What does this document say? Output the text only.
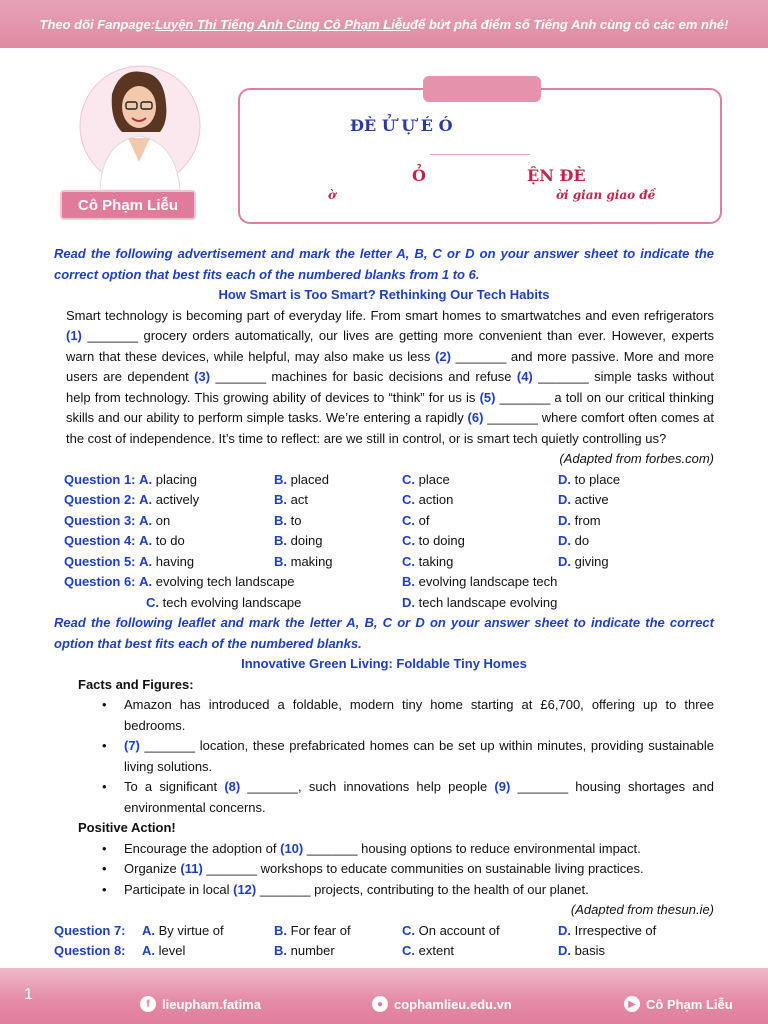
Theo dõi Fanpage: Luyện Thi Tiếng Anh Cùng Cô Phạm Liễu để bứt phá điểm số Tiếng Anh cùng cô các em nhé!
Cô Phạm Liễu
ĐÈ Ử Ự É Ó
Ỏ	ỆN ĐÈ
ờ	ời gian giao đề
Read the following advertisement and mark the letter A, B, C or D on your answer sheet to indicate the correct option that best fits each of the numbered blanks from 1 to 6.
How Smart is Too Smart? Rethinking Our Tech Habits
Smart technology is becoming part of everyday life. From smart homes to smartwatches and even refrigerators (1) _______ grocery orders automatically, our lives are getting more convenient than ever. However, experts warn that these devices, while helpful, may also make us less (2) _______ and more passive. More and more users are dependent (3) _______ machines for basic decisions and refuse (4) _______ simple tasks without help from technology. This growing ability of devices to “think” for us is (5) _______ a toll on our critical thinking skills and our ability to perform simple tasks. We’re entering a rapidly (6) _______ where comfort often comes at the cost of independence. It’s time to reflect: are we still in control, or is smart tech quietly controlling us?
(Adapted from forbes.com)
Question 1: A. placing	B. placed	C. place	D. to place
Question 2: A. actively	B. act	C. action	D. active
Question 3: A. on	B. to	C. of	D. from
Question 4: A. to do	B. doing	C. to doing	D. do
Question 5: A. having	B. making	C. taking	D. giving
Question 6: A. evolving tech landscape	B. evolving landscape tech
C. tech evolving landscape	D. tech landscape evolving
Read the following leaflet and mark the letter A, B, C or D on your answer sheet to indicate the correct option that best fits each of the numbered blanks.
Innovative Green Living: Foldable Tiny Homes
Facts and Figures:
• Amazon has introduced a foldable, modern tiny home starting at £6,700, offering up to three bedrooms.
• (7) _______ location, these prefabricated homes can be set up within minutes, providing sustainable living solutions.
• To a significant (8) _______, such innovations help people (9) _______ housing shortages and environmental concerns.
Positive Action!
• Encourage the adoption of (10) _______ housing options to reduce environmental impact.
• Organize (11) _______ workshops to educate communities on sustainable living practices.
• Participate in local (12) _______ projects, contributing to the health of our planet.
(Adapted from thesun.ie)
Question 7: A. By virtue of	B. For fear of	C. On account of	D. Irrespective of
Question 8: A. level	B. number	C. extent	D. basis
1
f lieupham.fatima	● cophamlieu.edu.vn	▶ Cô Phạm Liễu
